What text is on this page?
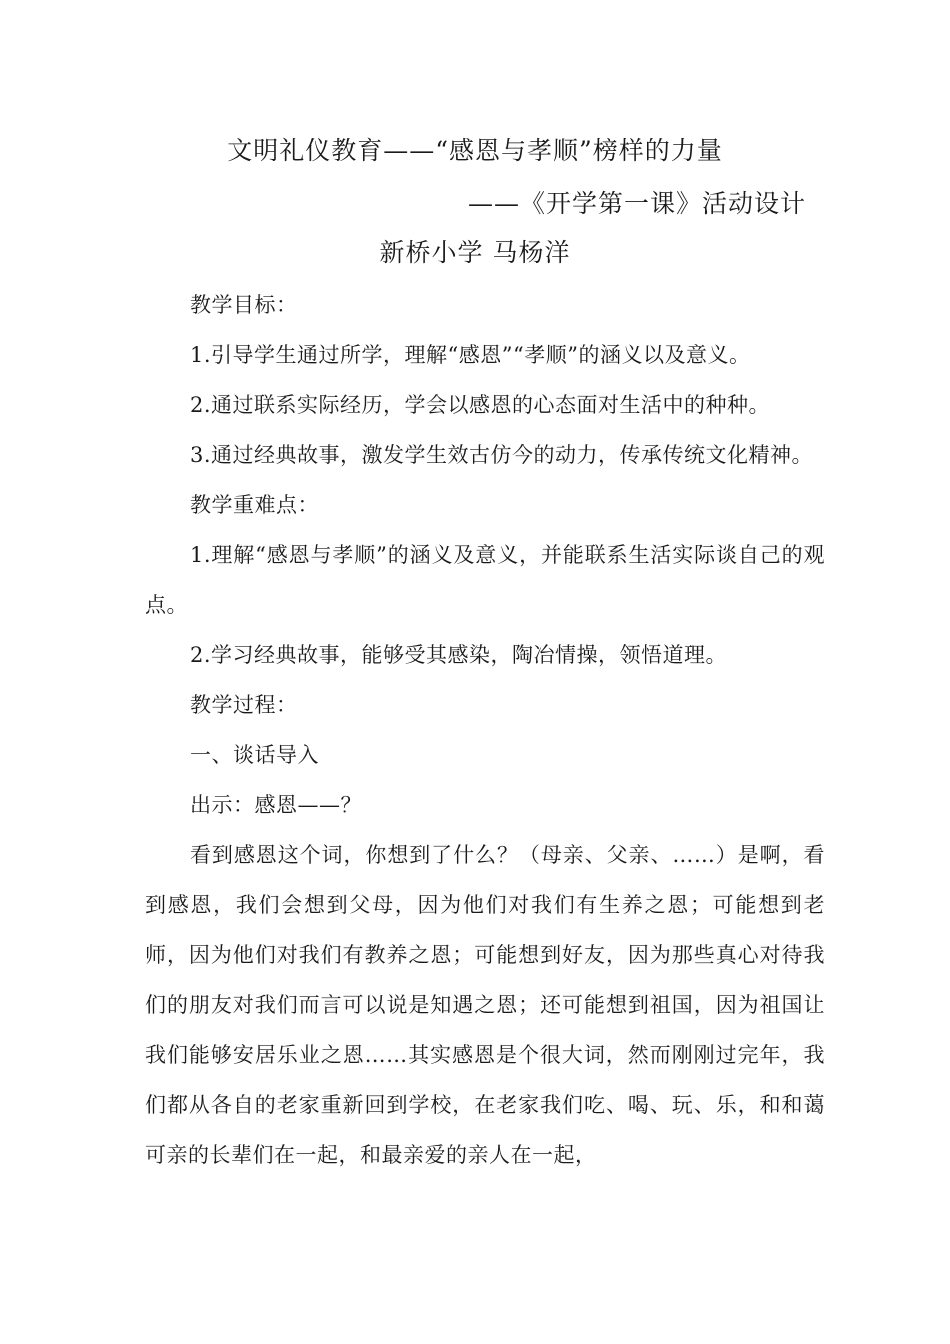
文明礼仪教育——“感恩与孝顺”榜样的力量
——《开学第一课》活动设计
新桥小学 马杨洋

教学目标：

1.引导学生通过所学，理解“感恩”“孝顺”的涵义以及意义。

2.通过联系实际经历，学会以感恩的心态面对生活中的种种。

3.通过经典故事，激发学生效古仿今的动力，传承传统文化精神。

教学重难点：

1.理解“感恩与孝顺”的涵义及意义，并能联系生活实际谈自己的观点。

2.学习经典故事，能够受其感染，陶冶情操，领悟道理。

教学过程：

一、谈话导入

出示：感恩——？

看到感恩这个词，你想到了什么？（母亲、父亲、……）是啊，看到感恩，我们会想到父母，因为他们对我们有生养之恩；可能想到老师，因为他们对我们有教养之恩；可能想到好友，因为那些真心对待我们的朋友对我们而言可以说是知遇之恩；还可能想到祖国，因为祖国让我们能够安居乐业之恩……其实感恩是个很大词，然而刚刚过完年，我们都从各自的老家重新回到学校，在老家我们吃、喝、玩、乐，和和蔼可亲的长辈们在一起，和最亲爱的亲人在一起，
